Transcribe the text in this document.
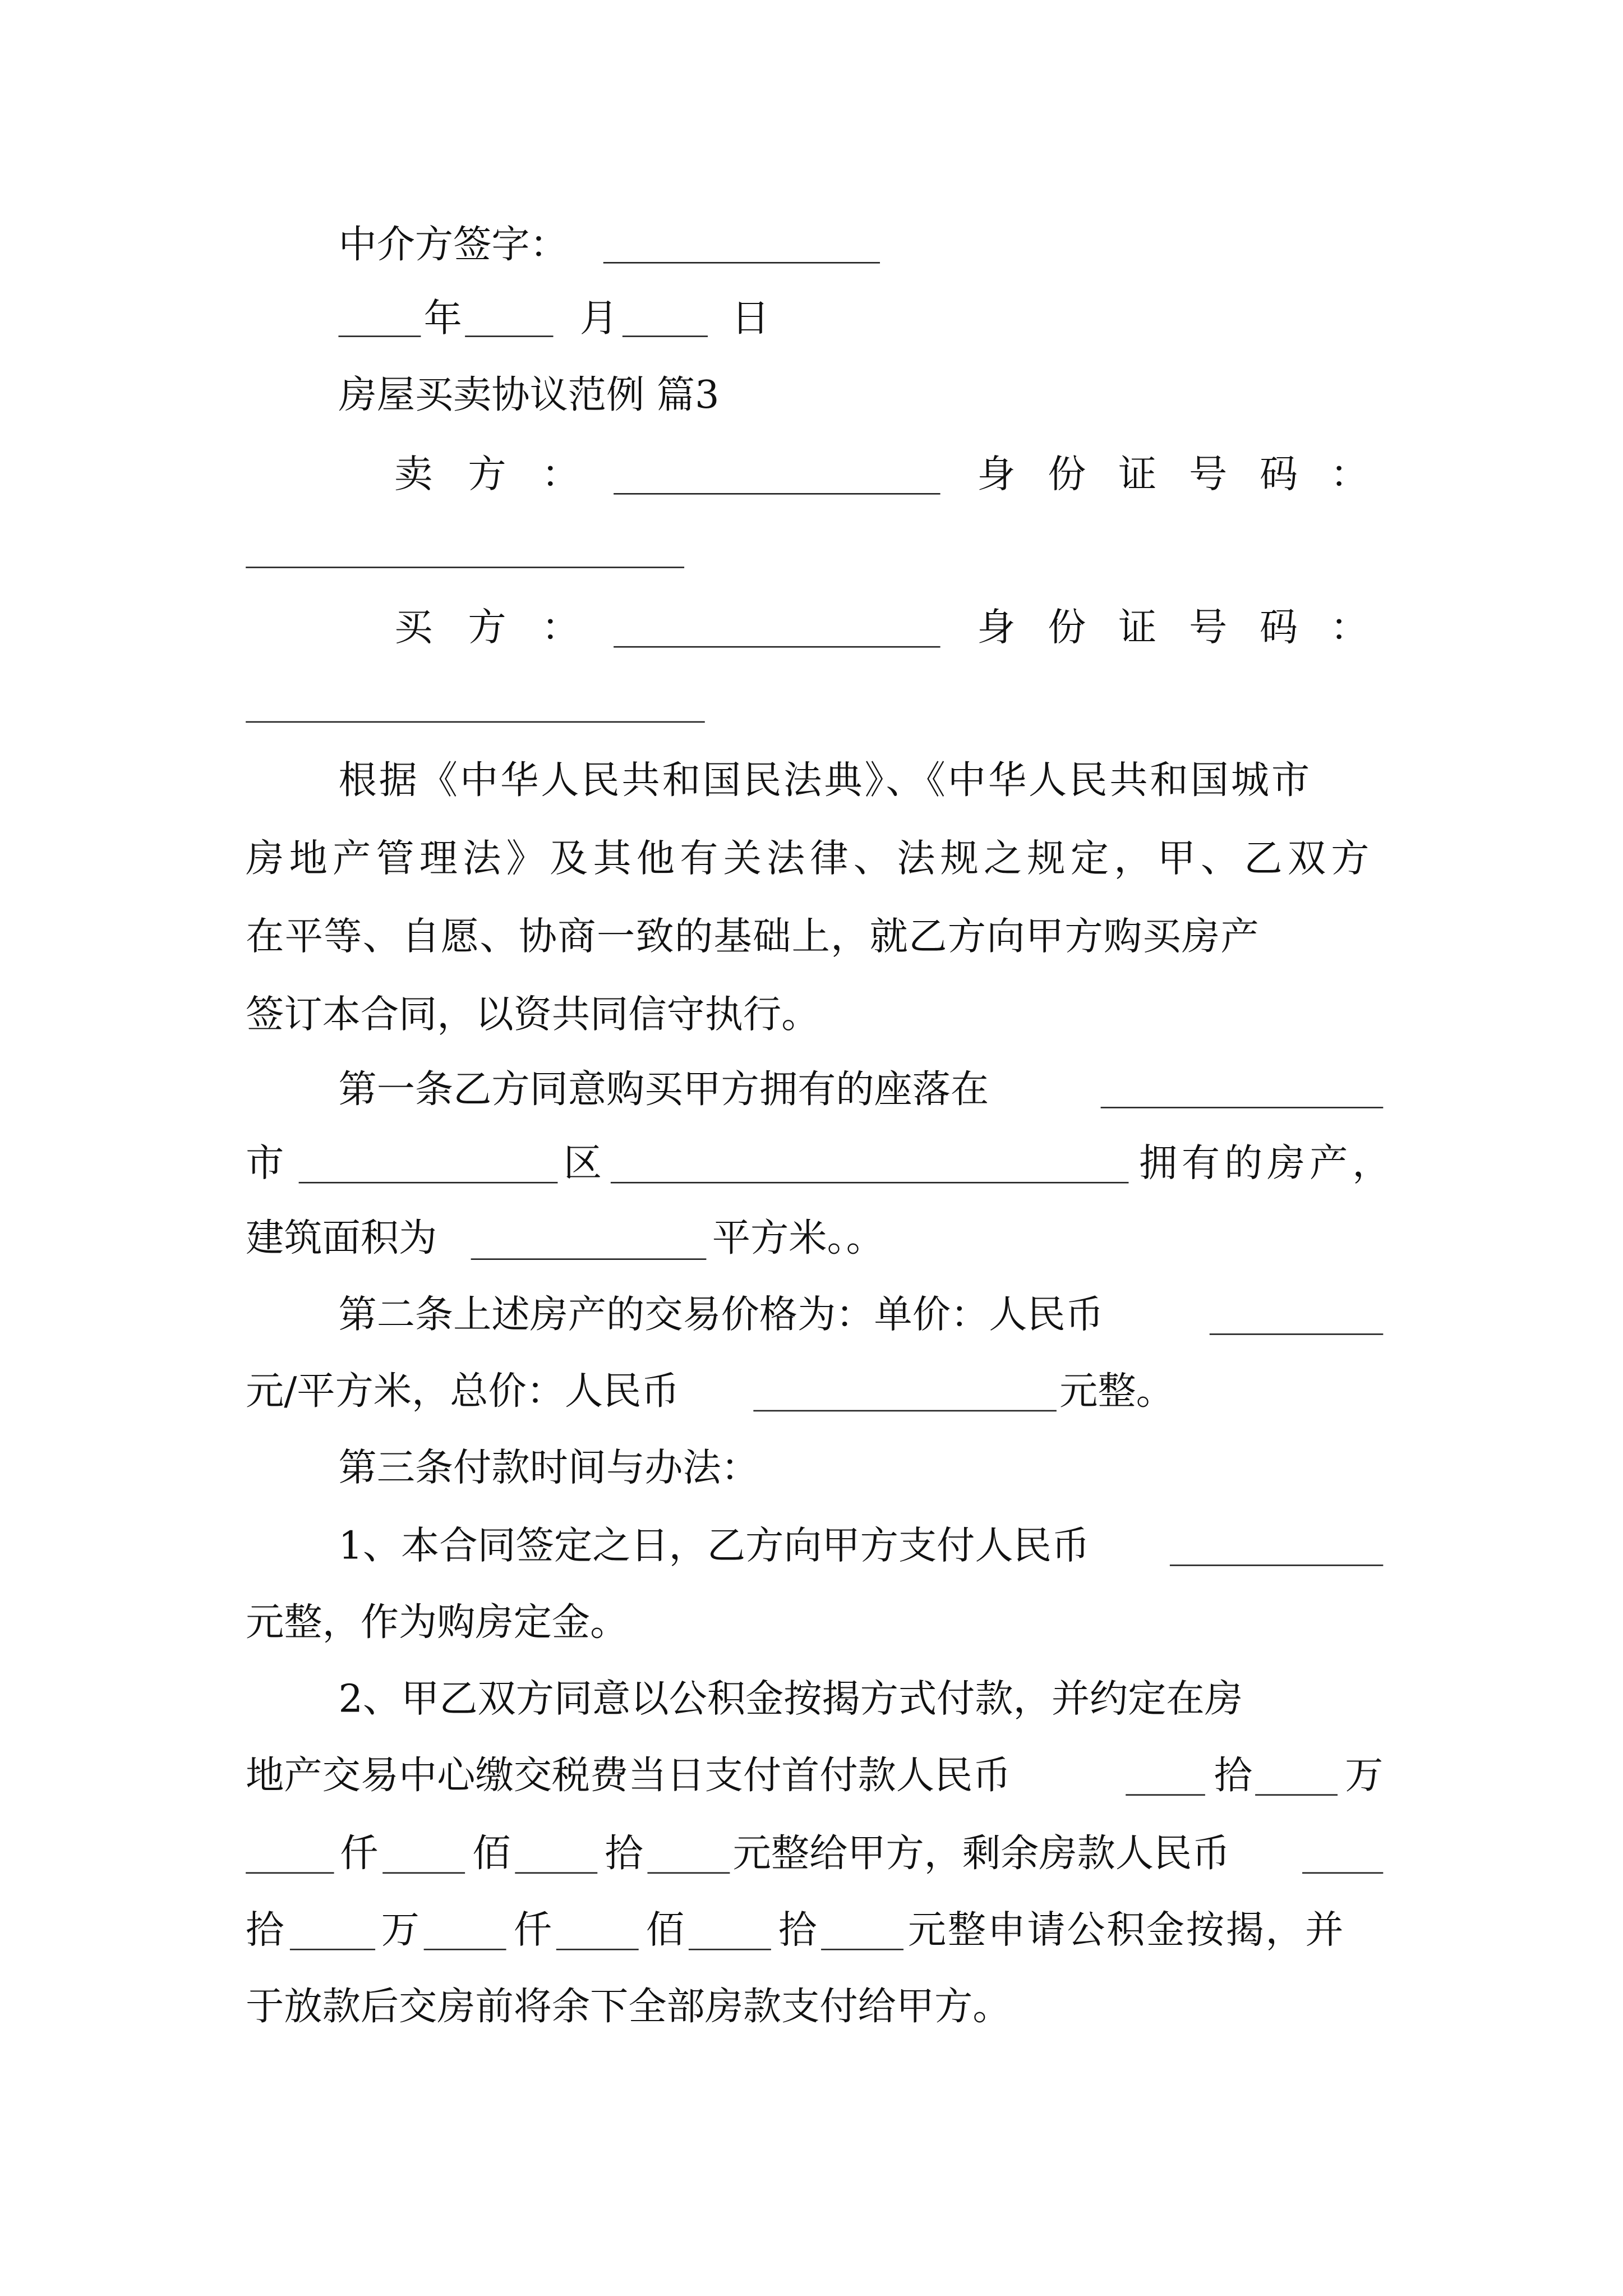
中介方签字：
年	月	日
房屋买卖协议范例 篇3
卖方：	身份证号码：
买方：	身份证号码：
根据《中华人民共和国民法典》、《中华人民共和国城市
房地产管理法》及其他有关法律、法规之规定，甲、乙双方
在平等、自愿、协商一致的基础上，就乙方向甲方购买房产
签订本合同，以资共同信守执行。
第一条乙方同意购买甲方拥有的座落在
市	区	拥有的房产，
建筑面积为	平方米。。
第二条上述房产的交易价格为：单价：人民币
元/平方米，总价：人民币	元整。
第三条付款时间与办法：
1、本合同签定之日，乙方向甲方支付人民币
元整，作为购房定金。
2、甲乙双方同意以公积金按揭方式付款，并约定在房
地产交易中心缴交税费当日支付首付款人民币	拾	万
仟	佰	拾	元整给甲方，剩余房款人民币
拾	万	仟	佰	拾	元整申请公积金按揭，并
于放款后交房前将余下全部房款支付给甲方。
